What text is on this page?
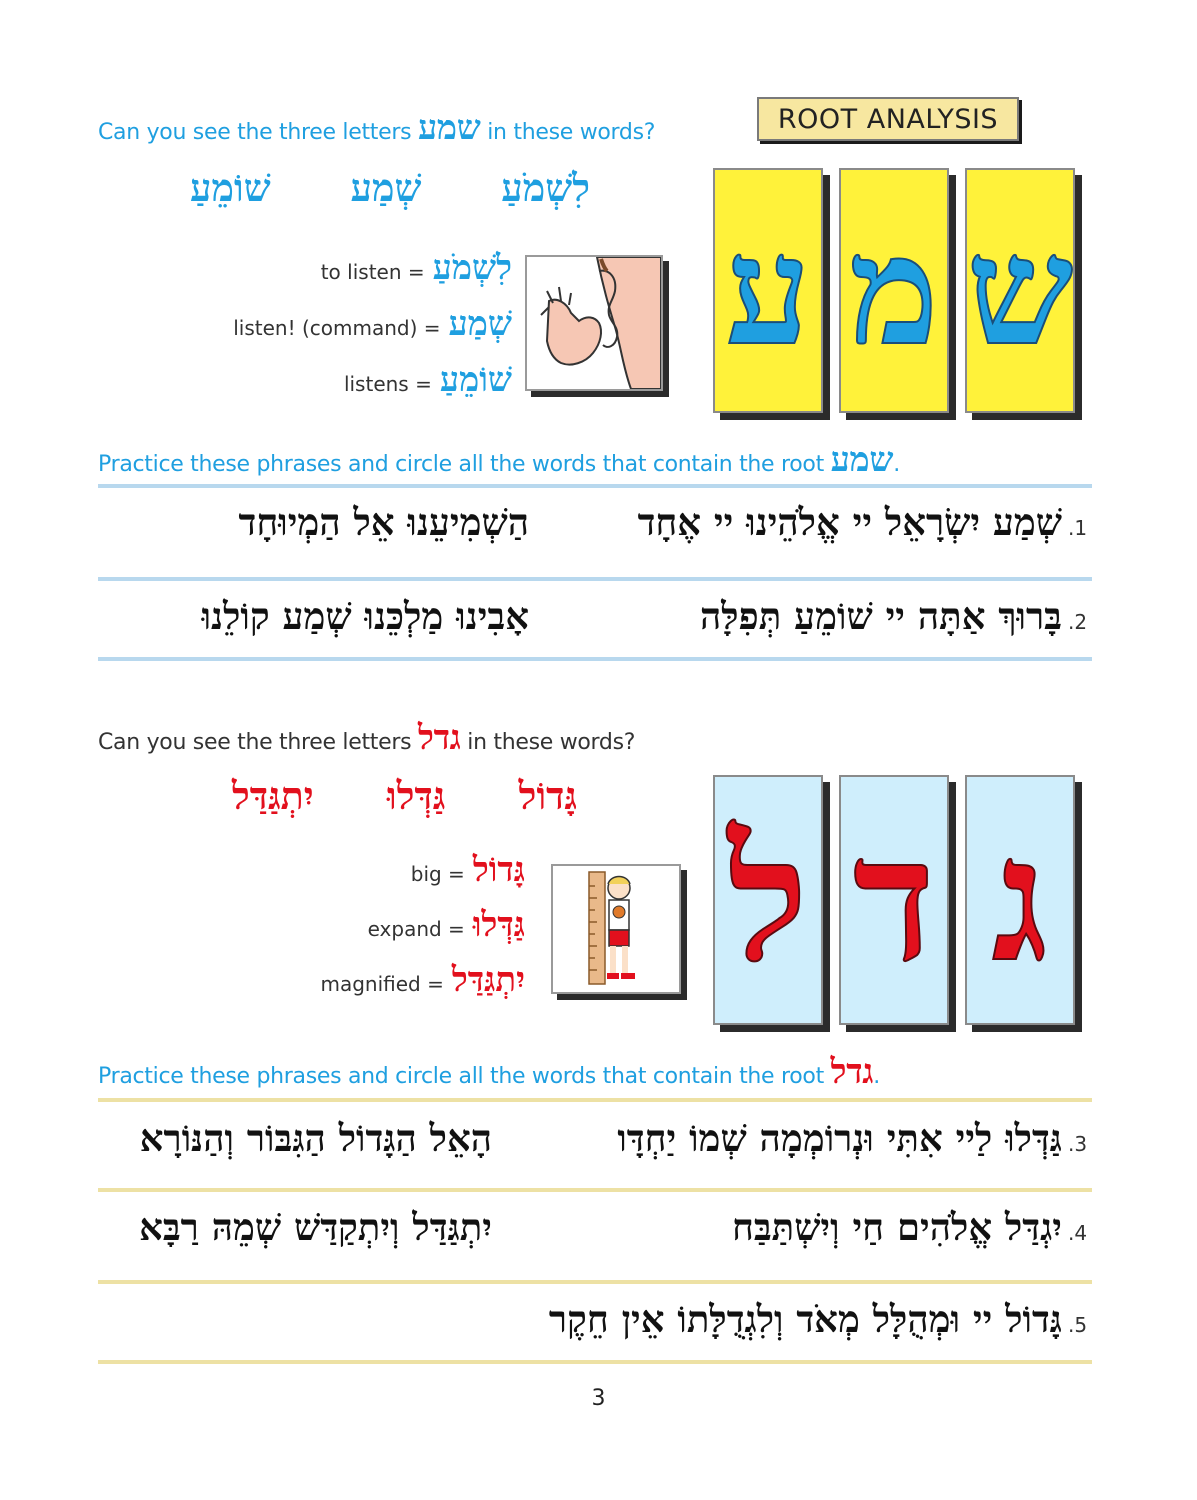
Can you see the three letters שמע in these words?	ROOT ANALYSIS
לִשְׁמֹעַ
שְׁמַע
שׁוֹמֵעַ
to listen = לִשְׁמֹעַ
listen! (command) = שְׁמַע
listens = שׁוֹמֵעַ
ע מ ש
Practice these phrases and circle all the words that contain the root שמע.
שְׁמַע יִשְׂרָאֵל יי אֱלֹהֵינוּ יי אֶחָד .1
הַשְׁמִיעֵנוּ אֵל הַמְיוּחָד
בָּרוּךְ אַתָּה יי שׁוֹמֵעַ תְּפִלָּה .2
אָבִינוּ מַלְכֵּנוּ שְׁמַע קוֹלֵנוּ
Can you see the three letters גדל in these words?
גָּדוֹל
גַּדְּלוּ
יִתְגַּדַּל
big = גָּדוֹל
expand = גַּדְּלוּ
magnified = יִתְגַּדַּל ל ד ג
Practice these phrases and circle all the words that contain the root גדל.
גַּדְּלוּ לַיי אִתִּי וּנְרוֹמְמָה שְׁמוֹ יַחְדָּו .3
הָאֵל הַגָּדוֹל הַגִּבּוֹר וְהַנּוֹרָא
יִגְדַּל אֱלֹהִים חַי וְיִשְׁתַּבַּח .4
יִתְגַּדַּל וְיִתְקַדַּשׁ שְׁמֵהּ רַבָּא
גָּדוֹל יי וּמְהֻלָּל מְאֹד וְלִגְדֻלָּתוֹ אֵין חֵקֶר .5
3
